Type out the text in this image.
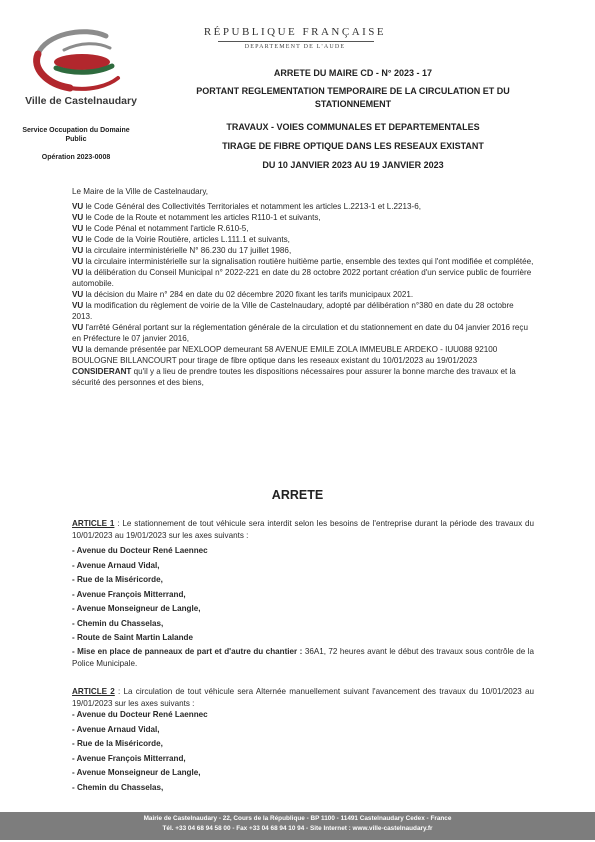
Ville de Castelnaudary
Service Occupation du Domaine Public
Opération 2023-0008
RÉPUBLIQUE FRANÇAISE
DEPARTEMENT DE L'AUDE
ARRETE DU MAIRE CD - N° 2023 - 17
PORTANT REGLEMENTATION TEMPORAIRE DE LA CIRCULATION ET DU
STATIONNEMENT
TRAVAUX - VOIES COMMUNALES ET DEPARTEMENTALES
TIRAGE DE FIBRE OPTIQUE DANS LES RESEAUX EXISTANT
DU 10 JANVIER 2023 AU 19 JANVIER 2023

Le Maire de la Ville de Castelnaudary,

VU le Code Général des Collectivités Territoriales et notamment les articles L.2213-1 et L.2213-6,

VU le Code de la Route et notamment les articles R110-1 et suivants,

VU le Code Pénal et notamment l'article R.610-5,

VU le Code de la Voirie Routière, articles L.111.1 et suivants,

VU la circulaire interministérielle N° 86.230 du 17 juillet 1986,

VU la circulaire interministérielle sur la signalisation routière huitième partie, ensemble des textes qui l'ont modifiée et complétée,

VU la délibération du Conseil Municipal n° 2022-221 en date du 28 octobre 2022 portant création d'un service public de fourrière automobile.

VU la décision du Maire n° 284 en date du 02 décembre 2020 fixant les tarifs municipaux 2021.

VU la modification du règlement de voirie de la Ville de Castelnaudary, adopté par délibération n°380 en date du 28 octobre 2013.

VU l'arrêté Général portant sur la réglementation générale de la circulation et du stationnement en date du 04 janvier 2016 reçu en Préfecture le 07 janvier 2016,

VU la demande présentée par NEXLOOP demeurant 58 AVENUE EMILE ZOLA IMMEUBLE ARDEKO - IUU088 92100 BOULOGNE BILLANCOURT pour tirage de fibre optique dans les reseaux existant du 10/01/2023 au 19/01/2023

CONSIDERANT qu'il y a lieu de prendre toutes les dispositions nécessaires pour assurer la bonne marche des travaux et la sécurité des personnes et des biens,

ARRETE

ARTICLE 1 : Le stationnement de tout véhicule sera interdit selon les besoins de l'entreprise durant la période des travaux du 10/01/2023 au 19/01/2023 sur les axes suivants :

- Avenue du Docteur René Laennec
- Avenue Arnaud Vidal,
- Rue de la Miséricorde,
- Avenue François Mitterrand,
- Avenue Monseigneur de Langle,
- Chemin du Chasselas,
- Route de Saint Martin Lalande

- Mise en place de panneaux de part et d'autre du chantier : 36A1, 72 heures avant le début des travaux sous contrôle de la Police Municipale.

ARTICLE 2 : La circulation de tout véhicule sera Alternée manuellement suivant l'avancement des travaux du 10/01/2023 au 19/01/2023 sur les axes suivants :

- Avenue du Docteur René Laennec
- Avenue Arnaud Vidal,
- Rue de la Miséricorde,
- Avenue François Mitterrand,
- Avenue Monseigneur de Langle,
- Chemin du Chasselas,
Mairie de Castelnaudary - 22, Cours de la République - BP 1100 - 11491 Castelnaudary Cedex - France
Tél. +33 04 68 94 58 00 - Fax +33 04 68 94 10 94 - Site Internet : www.ville-castelnaudary.fr
